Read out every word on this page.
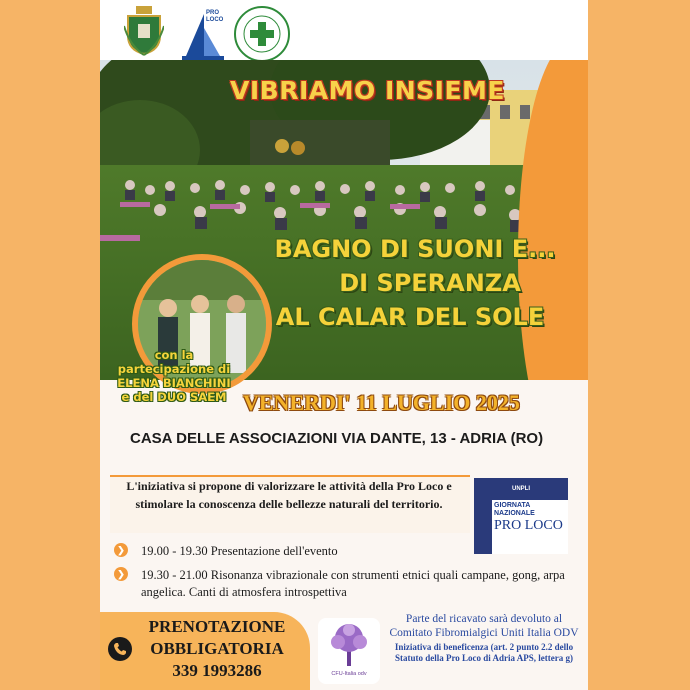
PRO
LOCO
VIBRIAMO INSIEME
BAGNO DI SUONI E...
DI SPERANZA
AL CALAR DEL SOLE
con la
partecipazione di
ELENA BIANCHINI
e del DUO SAEM VENERDI' 11 LUGLIO 2025
CASA DELLE ASSOCIAZIONI VIA DANTE, 13 - ADRIA (RO)
L'iniziativa si propone di valorizzare le attività della Pro Loco e stimolare la conoscenza delle bellezze naturali del territorio.
UNPLI
GIORNATA
NAZIONALE
PRO LOCO
❯ 19.00 - 19.30 Presentazione dell'evento
❯ 19.30 - 21.00 Risonanza vibrazionale con strumenti etnici quali campane, gong, arpa angelica. Canti di atmosfera introspettiva
PRENOTAZIONE
OBBLIGATORIA
339 1993286	CFU-Italia odv
Parte del ricavato sarà devoluto al Comitato Fibromialgici Uniti Italia ODV
Iniziativa di beneficenza (art. 2 punto 2.2 dello Statuto della Pro Loco di Adria APS, lettera g)
